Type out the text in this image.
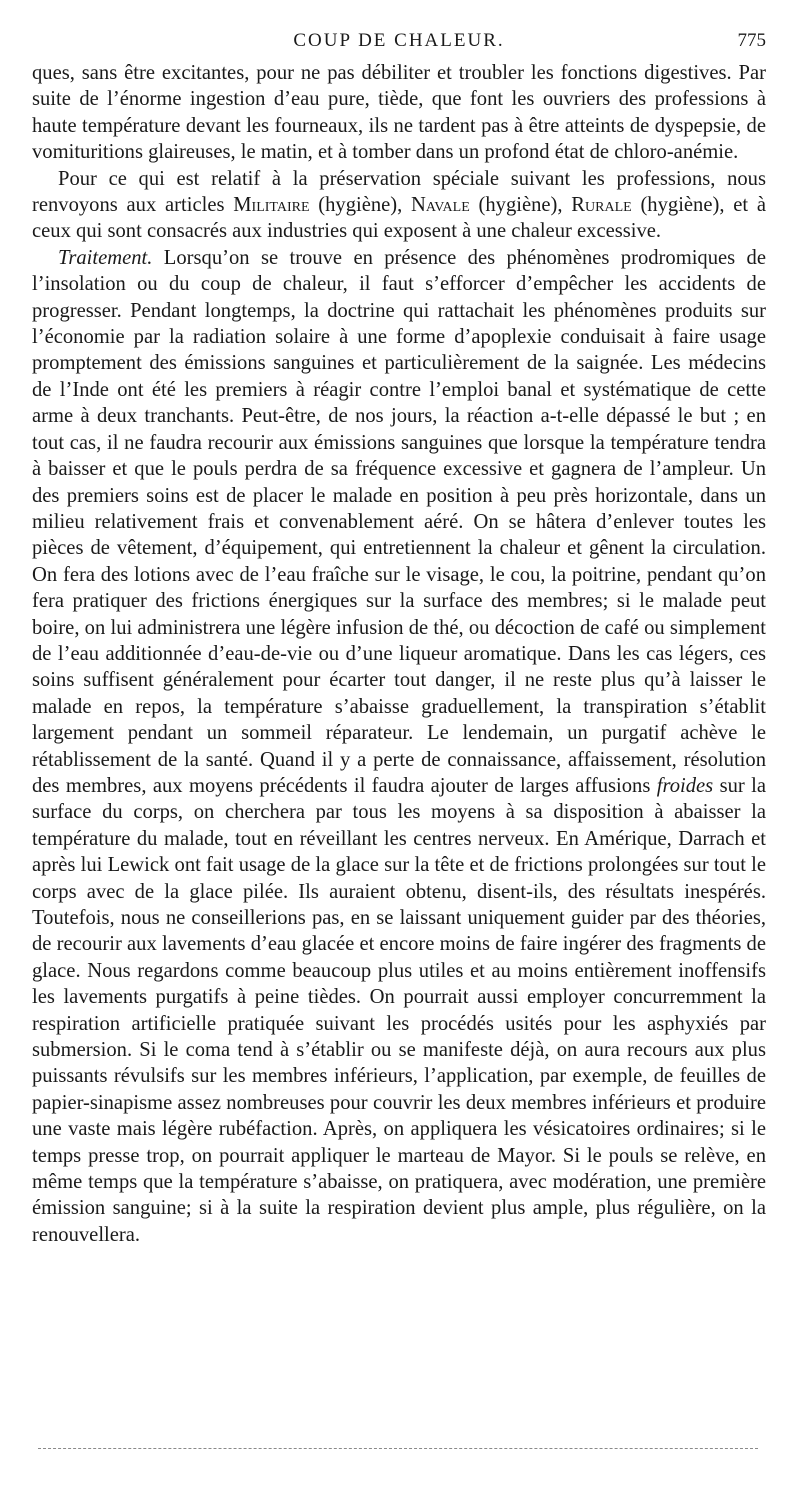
COUP DE CHALEUR.	775

ques, sans être excitantes, pour ne pas débiliter et troubler les fonctions digestives. Par suite de l’énorme ingestion d’eau pure, tiède, que font les ouvriers des professions à haute température devant les fourneaux, ils ne tardent pas à être atteints de dyspepsie, de vomituritions glaireuses, le matin, et à tomber dans un profond état de chloro-anémie.

Pour ce qui est relatif à la préservation spéciale suivant les professions, nous renvoyons aux articles Militaire (hygiène), Navale (hygiène), Rurale (hygiène), et à ceux qui sont consacrés aux industries qui exposent à une chaleur excessive.

Traitement. Lorsqu’on se trouve en présence des phénomènes prodromiques de l’insolation ou du coup de chaleur, il faut s’efforcer d’empêcher les accidents de progresser. Pendant longtemps, la doctrine qui rattachait les phénomènes produits sur l’économie par la radiation solaire à une forme d’apoplexie conduisait à faire usage promptement des émissions sanguines et particulièrement de la saignée. Les médecins de l’Inde ont été les premiers à réagir contre l’emploi banal et systématique de cette arme à deux tranchants. Peut-être, de nos jours, la réaction a-t-elle dépassé le but ; en tout cas, il ne faudra recourir aux émissions sanguines que lorsque la température tendra à baisser et que le pouls perdra de sa fréquence excessive et gagnera de l’ampleur. Un des premiers soins est de placer le malade en position à peu près horizontale, dans un milieu relativement frais et convenablement aéré. On se hâtera d’enlever toutes les pièces de vêtement, d’équipement, qui entretiennent la chaleur et gênent la circulation. On fera des lotions avec de l’eau fraîche sur le visage, le cou, la poitrine, pendant qu’on fera pratiquer des frictions énergiques sur la surface des membres; si le malade peut boire, on lui administrera une légère infusion de thé, ou décoction de café ou simplement de l’eau additionnée d’eau-de-vie ou d’une liqueur aromatique. Dans les cas légers, ces soins suffisent généralement pour écarter tout danger, il ne reste plus qu’à laisser le malade en repos, la température s’abaisse graduellement, la transpiration s’établit largement pendant un sommeil réparateur. Le lendemain, un purgatif achève le rétablissement de la santé. Quand il y a perte de connaissance, affaissement, résolution des membres, aux moyens précédents il faudra ajouter de larges affusions froides sur la surface du corps, on cherchera par tous les moyens à sa disposition à abaisser la température du malade, tout en réveillant les centres nerveux. En Amérique, Darrach et après lui Lewick ont fait usage de la glace sur la tête et de frictions prolongées sur tout le corps avec de la glace pilée. Ils auraient obtenu, disent-ils, des résultats inespérés. Toutefois, nous ne conseillerions pas, en se laissant uniquement guider par des théories, de recourir aux lavements d’eau glacée et encore moins de faire ingérer des fragments de glace. Nous regardons comme beaucoup plus utiles et au moins entièrement inoffensifs les lavements purgatifs à peine tièdes. On pourrait aussi employer concurremment la respiration artificielle pratiquée suivant les procédés usités pour les asphyxiés par submersion. Si le coma tend à s’établir ou se manifeste déjà, on aura recours aux plus puissants révulsifs sur les membres inférieurs, l’application, par exemple, de feuilles de papier-sinapisme assez nombreuses pour couvrir les deux membres inférieurs et produire une vaste mais légère rubéfaction. Après, on appliquera les vésicatoires ordinaires; si le temps presse trop, on pourrait appliquer le marteau de Mayor. Si le pouls se relève, en même temps que la température s’abaisse, on pratiquera, avec modération, une première émission sanguine; si à la suite la respiration devient plus ample, plus régulière, on la renouvellera.
